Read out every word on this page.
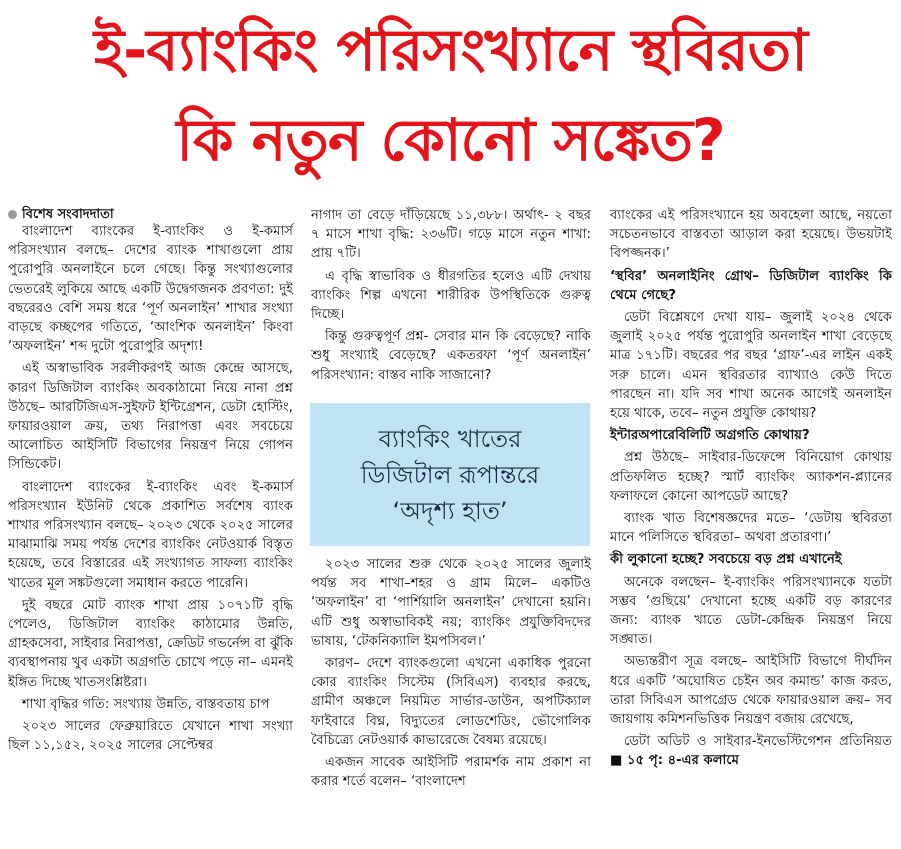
ই-ব্যাংকিং পরিসংখ্যানে স্থবিরতা
কি নতুন কোনো সঙ্কেত?
বিশেষ সংবাদদাতা

বাংলাদেশ ব্যাংকের ই-ব্যাংকিং ও ই-কমার্স পরিসংখ্যান বলছে– দেশের ব্যাংক শাখাগুলো প্রায় পুরোপুরি অনলাইনে চলে গেছে। কিন্তু সংখ্যাগুলোর ভেতরেই লুকিয়ে আছে একটি উদ্বেগজনক প্রবণতা: দুই বছরেরও বেশি সময় ধরে ‘পূর্ণ অনলাইন’ শাখার সংখ্যা বাড়ছে কচ্ছপের গতিতে, ‘আংশিক অনলাইন’ কিংবা ‘অফলাইন’ শব্দ দুটো পুরোপুরি অদৃশ্য!

এই অস্বাভাবিক সরলীকরণই আজ কেন্দ্রে আসছে, কারণ ডিজিটাল ব্যাংকিং অবকাঠামো নিয়ে নানা প্রশ্ন উঠছে– আরটিজিএস-সুইফট ইন্টিগ্রেশন, ডেটা হোস্টিং, ফায়ারওয়াল ক্রয়, তথ্য নিরাপত্তা এবং সবচেয়ে আলোচিত আইসিটি বিভাগের নিয়ন্ত্রণ নিয়ে গোপন সিন্ডিকেট।

বাংলাদেশ ব্যাংকের ই-ব্যাংকিং এবং ই-কমার্স পরিসংখ্যান ইউনিট থেকে প্রকাশিত সর্বশেষ ব্যাংক শাখার পরিসংখ্যান বলছে– ২০২৩ থেকে ২০২৫ সালের মাঝামাঝি সময় পর্যন্ত দেশের ব্যাংকিং নেটওয়ার্ক বিস্তৃত হয়েছে, তবে বিস্তারের এই সংখ্যাগত সাফল্য ব্যাংকিং খাতের মূল সঙ্কটগুলো সমাধান করতে পারেনি।

দুই বছরে মোট ব্যাংক শাখা প্রায় ১০৭১টি বৃদ্ধি পেলেও, ডিজিটাল ব্যাংকিং কাঠামোর উন্নতি, গ্রাহকসেবা, সাইবার নিরাপত্তা, ক্রেডিট গভর্নেন্স বা ঝুঁকি ব্যবস্থাপনায় খুব একটা অগ্রগতি চোখে পড়ে না– এমনই ইঙ্গিত দিচ্ছে খাতসংশ্লিষ্টরা।

শাখা বৃদ্ধির গতি: সংখ্যায় উন্নতি, বাস্তবতায় চাপ

২০২৩ সালের ফেব্রুয়ারিতে যেখানে শাখা সংখ্যা ছিল ১১,১৫২, ২০২৫ সালের সেপ্টেম্বর

নাগাদ তা বেড়ে দাঁড়িয়েছে ১১,৩৮৮। অর্থাৎ- ২ বছর ৭ মাসে শাখা বৃদ্ধি: ২৩৬টি। গড়ে মাসে নতুন শাখা: প্রায় ৭টি।

এ বৃদ্ধি স্বাভাবিক ও ধীরগতির হলেও এটি দেখায় ব্যাংকিং শিল্প এখনো শারীরিক উপস্থিতিকে গুরুত্ব দিচ্ছে।

কিন্তু গুরুত্বপূর্ণ প্রশ্ন- সেবার মান কি বেড়েছে? নাকি শুধু সংখ্যাই বেড়েছে? একতরফা ‘পূর্ণ অনলাইন’ পরিসংখ্যান: বাস্তব নাকি সাজানো?

ব্যাংকিং খাতের
ডিজিটাল রূপান্তরে
‘অদৃশ্য হাত’

২০২৩ সালের শুরু থেকে ২০২৫ সালের জুলাই পর্যন্ত সব শাখা–শহর ও গ্রাম মিলে– একটিও ‘অফলাইন’ বা ‘পার্শিয়ালি অনলাইন’ দেখানো হয়নি। এটি শুধু অস্বাভাবিকই নয়; ব্যাংকিং প্রযুক্তিবিদদের ভাষায়, ‘টেকনিক্যালি ইমপসিবল।’

কারণ– দেশে ব্যাংকগুলো এখনো একাধিক পুরনো কোর ব্যাংকিং সিস্টেম (সিবিএস) ব্যবহার করছে, গ্রামীণ অঞ্চলে নিয়মিত সার্ভার-ডাউন, অপটিক্যাল ফাইবারে বিঘ্ন, বিদ্যুতের লোডশেডিং, ভৌগোলিক বৈচিত্র্যে নেটওয়ার্ক কাভারেজে বৈষম্য রয়েছে।

একজন সাবেক আইসিটি পরামর্শক নাম প্রকাশ না করার শর্তে বলেন– ‘বাংলাদেশ

ব্যাংকের এই পরিসংখ্যানে হয় অবহেলা আছে, নয়তো সচেতনভাবে বাস্তবতা আড়াল করা হয়েছে। উভয়টাই বিপজ্জনক।’

‘স্থবির’ অনলাইনিং গ্রোথ– ডিজিটাল ব্যাংকিং কি থেমে গেছে?

ডেটা বিশ্লেষণে দেখা যায়– জুলাই ২০২৪ থেকে জুলাই ২০২৫ পর্যন্ত পুরোপুরি অনলাইন শাখা বেড়েছে মাত্র ১৭১টি। বছরের পর বছর ‘গ্রাফ’-এর লাইন একই সরু চালে। এমন স্থবিরতার ব্যাখ্যাও কেউ দিতে পারছেন না। যদি সব শাখা অনেক আগেই অনলাইন হয়ে থাকে, তবে– নতুন প্রযুক্তি কোথায়?

ইন্টারঅপারেবিলিটি অগ্রগতি কোথায়?

প্রশ্ন উঠছে– সাইবার-ডিফেন্সে বিনিয়োগ কোথায় প্রতিফলিত হচ্ছে? স্মার্ট ব্যাংকিং অ্যাকশন-প্ল্যানের ফলাফলে কোনো আপডেট আছে?

ব্যাংক খাত বিশেষজ্ঞদের মতে– ‘ডেটায় স্থবিরতা মানে পলিসিতে স্থবিরতা– অথবা প্রতারণা।’

কী লুকানো হচ্ছে? সবচেয়ে বড় প্রশ্ন এখানেই

অনেকে বলছেন– ই-ব্যাংকিং পরিসংখ্যানকে যতটা সম্ভব ‘গুছিয়ে’ দেখানো হচ্ছে একটি বড় কারণের জন্য: ব্যাংক খাতে ডেটা-কেন্দ্রিক নিয়ন্ত্রণ নিয়ে সঙ্ঘাত।

অভ্যন্তরীণ সূত্র বলছে– আইসিটি বিভাগে দীর্ঘদিন ধরে একটি ‘অঘোষিত চেইন অব কমান্ড’ কাজ করত, তারা সিবিএস আপগ্রেড থেকে ফায়ারওয়াল ক্রয়– সব জায়গায় কমিশনভিত্তিক নিয়ন্ত্রণ বজায় রেখেছে,

ডেটা অডিট ও সাইবার-ইনভেস্টিগেশন প্রতিনিয়ত ■ ১৫ পৃ: ৪-এর কলামে
